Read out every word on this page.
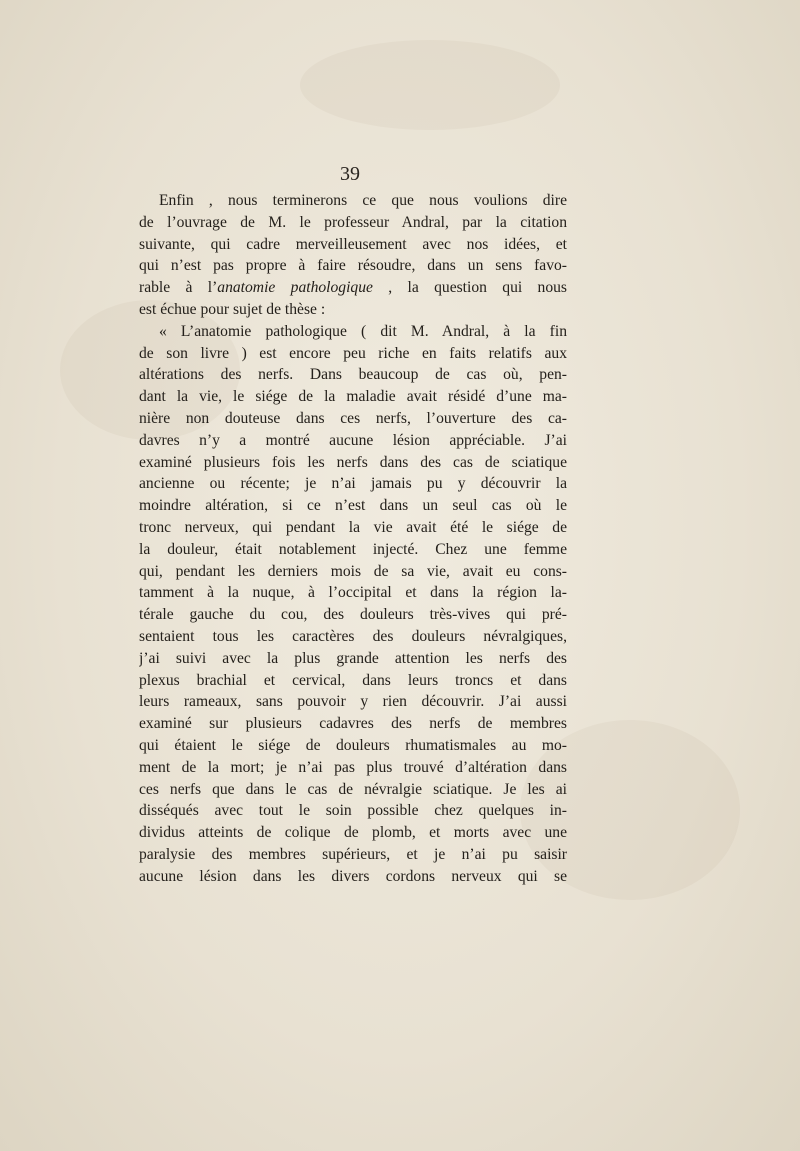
39
Enfin , nous terminerons ce que nous voulions dire
de l’ouvrage de M. le professeur Andral, par la citation
suivante, qui cadre merveilleusement avec nos idées, et
qui n’est pas propre à faire résoudre, dans un sens favo-
rable à l’anatomie pathologique , la question qui nous
est échue pour sujet de thèse :
« L’anatomie pathologique ( dit M. Andral, à la fin
de son livre ) est encore peu riche en faits relatifs aux
altérations des nerfs. Dans beaucoup de cas où, pen-
dant la vie, le siége de la maladie avait résidé d’une ma-
nière non douteuse dans ces nerfs, l’ouverture des ca-
davres n’y a montré aucune lésion appréciable. J’ai
examiné plusieurs fois les nerfs dans des cas de sciatique
ancienne ou récente; je n’ai jamais pu y découvrir la
moindre altération, si ce n’est dans un seul cas où le
tronc nerveux, qui pendant la vie avait été le siége de
la douleur, était notablement injecté. Chez une femme
qui, pendant les derniers mois de sa vie, avait eu cons-
tamment à la nuque, à l’occipital et dans la région la-
térale gauche du cou, des douleurs très-vives qui pré-
sentaient tous les caractères des douleurs névralgiques,
j’ai suivi avec la plus grande attention les nerfs des
plexus brachial et cervical, dans leurs troncs et dans
leurs rameaux, sans pouvoir y rien découvrir. J’ai aussi
examiné sur plusieurs cadavres des nerfs de membres
qui étaient le siége de douleurs rhumatismales au mo-
ment de la mort; je n’ai pas plus trouvé d’altération dans
ces nerfs que dans le cas de névralgie sciatique. Je les ai
disséqués avec tout le soin possible chez quelques in-
dividus atteints de colique de plomb, et morts avec une
paralysie des membres supérieurs, et je n’ai pu saisir
aucune lésion dans les divers cordons nerveux qui se
